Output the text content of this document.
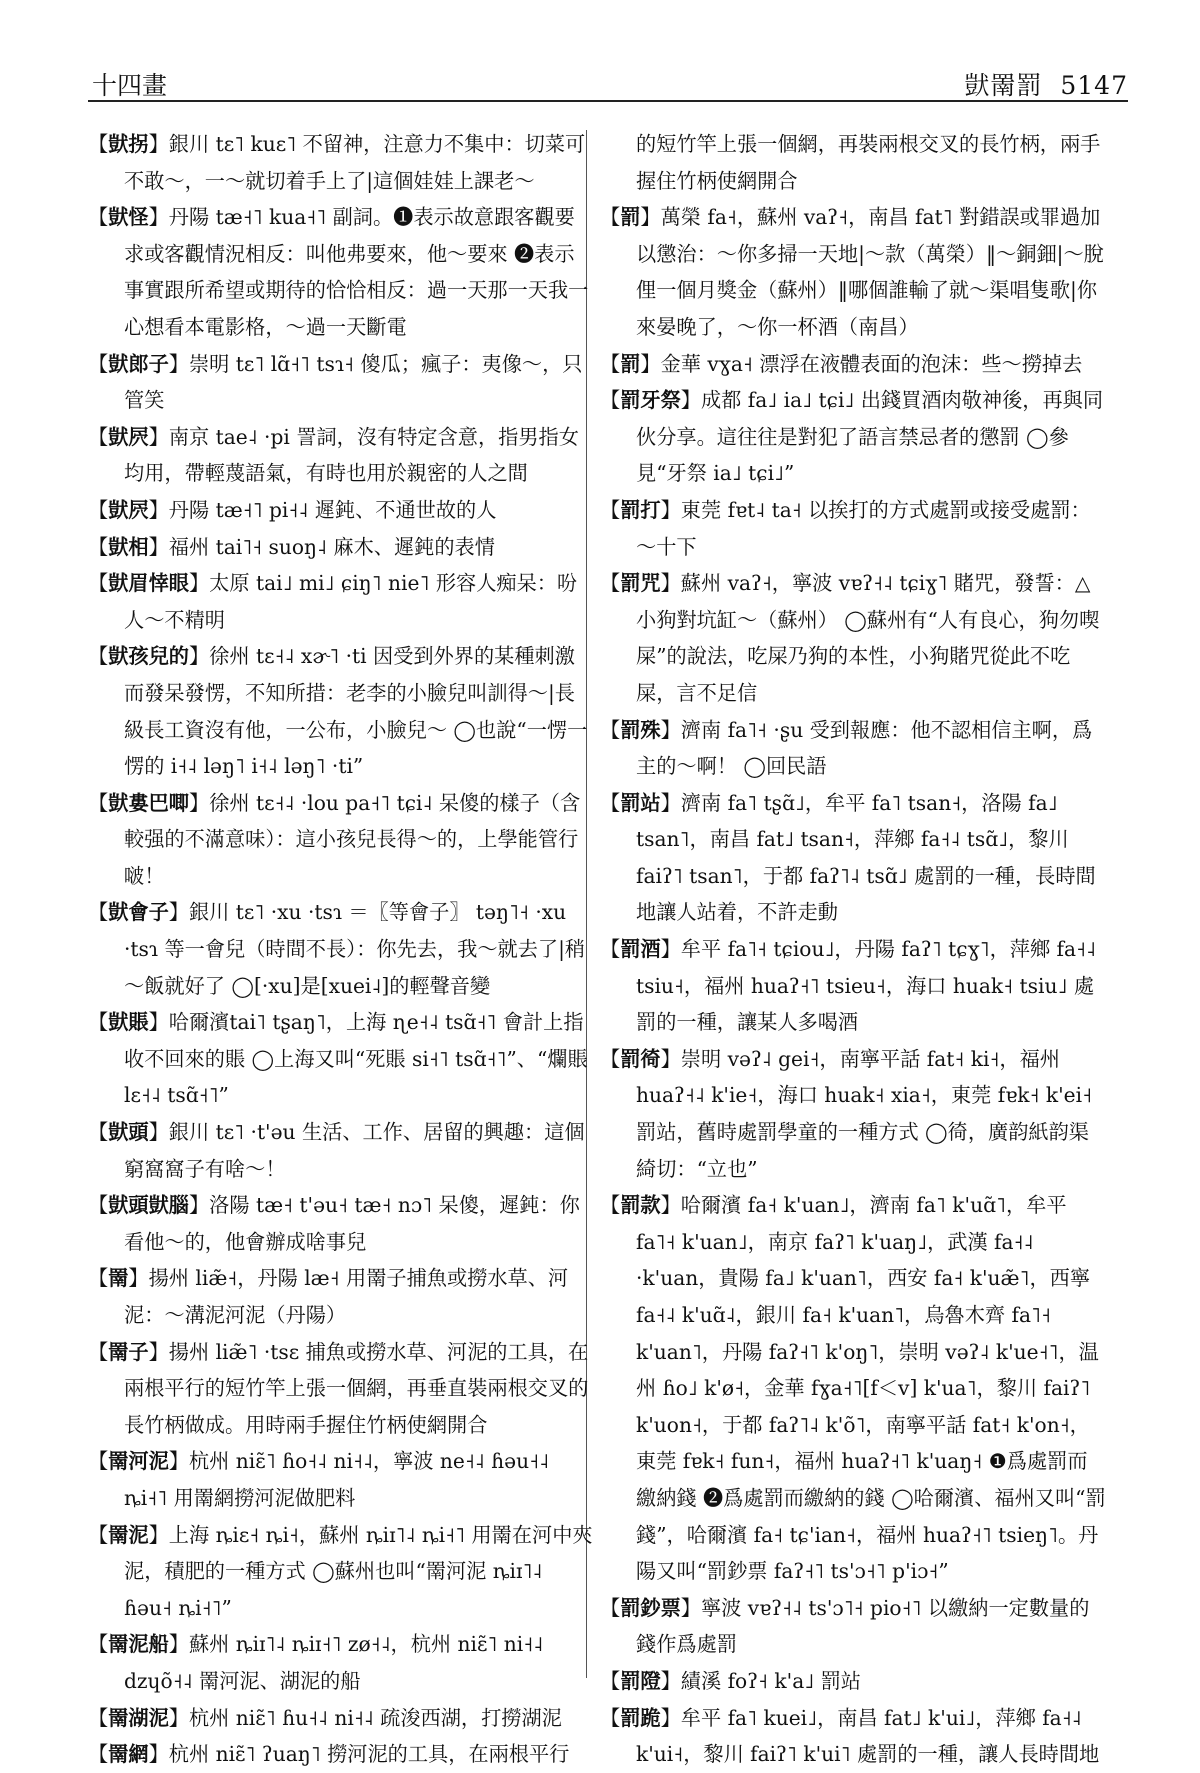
十四畫	獃罱罰 5147

【獃拐】銀川 tɛ˥ kuɛ˥ 不留神，注意力不集中：切菜可不敢～，一～就切着手上了|這個娃娃上課老～

【獃怪】丹陽 tæ˧˥ kua˧˥ 副詞。❶表示故意跟客觀要求或客觀情況相反：叫他弗要來，他～要來 ❷表示事實跟所希望或期待的恰恰相反：過一天那一天我一心想看本電影格，～過一天斷電

【獃郎子】崇明 tɛ˥ lɑ̃˧˥ tsɿ˧ 傻瓜；瘋子：夷像～，只管笑

【獃屄】南京 tae˨ ·pi 詈詞，沒有特定含意，指男指女均用，帶輕蔑語氣，有時也用於親密的人之間

【獃屄】丹陽 tæ˧˥ pi˧˨ 遲鈍、不通世故的人

【獃相】福州 tai˥˧ suoŋ˨ 麻木、遲鈍的表情

【獃眉悻眼】太原 tai˩ mi˩ ɕiŋ˥ nie˥ 形容人痴呆：吩人～不精明

【獃孩兒的】徐州 tɛ˧˨ xɚ˥ ·ti 因受到外界的某種刺激而發呆發愣，不知所措：老李的小臉兒叫訓得～|長級長工資沒有他，一公布，小臉兒～ ◯也說“一愣一愣的 i˧˨ ləŋ˥ i˧˨ ləŋ˥ ·ti”

【獃婁巴唧】徐州 tɛ˧˨ ·lou pa˧˥ tɕi˨ 呆傻的樣子（含較强的不滿意味）：這小孩兒長得～的，上學能管行啵！

【獃會子】銀川 tɛ˥ ·xu ·tsɿ ＝〖等會子〗 təŋ˥˧ ·xu ·tsɿ 等一會兒（時間不長）：你先去，我～就去了|稍～飯就好了 ◯[·xu]是[xuei˨]的輕聲音變

【獃賬】哈爾濱tai˥ tʂaŋ˥，上海 ɳe˧˨ tsɑ̃˧˥ 會計上指收不回來的賬 ◯上海又叫“死賬 si˧˥ tsɑ̃˧˥”、“爛賬 lɛ˧˨ tsɑ̃˧˥”

【獃頭】銀川 tɛ˥ ·t'əu 生活、工作、居留的興趣：這個窮窩窩子有啥～！

【獃頭獃腦】洛陽 tæ˧ t'əu˧ tæ˧ nɔ˥ 呆傻，遲鈍：你看他～的，他會辦成啥事兒

【罱】揚州 liæ̃˧，丹陽 læ˧ 用罱子捕魚或撈水草、河泥：～溝泥河泥（丹陽）

【罱子】揚州 liæ̃˥ ·tsɛ 捕魚或撈水草、河泥的工具，在兩根平行的短竹竿上張一個網，再垂直裝兩根交叉的長竹柄做成。用時兩手握住竹柄使網開合

【罱河泥】杭州 niɛ̃˥ ɦo˧˨ ni˧˨，寧波 ne˧˨ ɦəu˧˨ ȵi˧˥ 用罱網撈河泥做肥料

【罱泥】上海 ȵiɛ˧ ȵi˧，蘇州 ȵiɪ˥˨ ȵi˧˥ 用罱在河中夾泥，積肥的一種方式 ◯蘇州也叫“罱河泥 ȵiɪ˥˨ ɦəu˧ ȵi˧˥”

【罱泥船】蘇州 ȵiɪ˥˨ ȵiɪ˧˥ zø˧˨，杭州 niɛ̃˥ ni˧˨ dzɥõ˧˨ 罱河泥、湖泥的船

【罱湖泥】杭州 niɛ̃˥ ɦu˧˨ ni˧˨ 疏浚西湖，打撈湖泥

【罱網】杭州 niɛ̃˥ ʔuaŋ˥ 撈河泥的工具，在兩根平行

的短竹竿上張一個網，再裝兩根交叉的長竹柄，兩手握住竹柄使網開合

【罰】萬榮 fa˧，蘇州 vaʔ˧，南昌 fat˥ 對錯誤或罪過加以懲治：～你多掃一天地|～款（萬榮）‖～銅鈿|～脫俚一個月獎金（蘇州）‖哪個誰輸了就～渠唱隻歌|你來晏晚了，～你一杯酒（南昌）

【罰】金華 vɣa˧ 漂浮在液體表面的泡沫：些～撈掉去

【罰牙祭】成都 fa˩ ia˩ tɕi˩ 出錢買酒肉敬神後，再與同伙分享。這往往是對犯了語言禁忌者的懲罰 ◯參見“牙祭 ia˩ tɕi˩”

【罰打】東莞 fɐt˨ ta˧ 以挨打的方式處罰或接受處罰：～十下

【罰咒】蘇州 vaʔ˧，寧波 vɐʔ˧˨ tɕiɣ˥ 賭咒，發誓：△小狗對坑缸～（蘇州） ◯蘇州有“人有良心，狗勿喫屎”的說法，吃屎乃狗的本性，小狗賭咒從此不吃屎，言不足信

【罰殊】濟南 fa˥˧ ·ʂu 受到報應：他不認相信主啊，爲主的～啊！ ◯回民語

【罰站】濟南 fa˥ tʂɑ̃˩，牟平 fa˥ tsan˧，洛陽 fa˩ tsan˥，南昌 fat˩ tsan˧，萍鄉 fa˧˨ tsɑ̃˩，黎川 faiʔ˥ tsan˥，于都 faʔ˥˨ tsɑ̃˩ 處罰的一種，長時間地讓人站着，不許走動

【罰酒】牟平 fa˥˧ tɕiou˩，丹陽 faʔ˥ tɕɣ˥，萍鄉 fa˧˨ tsiu˧，福州 huaʔ˧˥ tsieu˧，海口 huak˧ tsiu˩ 處罰的一種，讓某人多喝酒

【罰徛】崇明 vəʔ˨ gei˧，南寧平話 fat˧ ki˧，福州 huaʔ˧˨ k'ie˧，海口 huak˧ xia˧，東莞 fɐk˧ k'ei˧ 罰站，舊時處罰學童的一種方式 ◯徛，廣韵紙韵渠綺切：“立也”

【罰款】哈爾濱 fa˧ k'uan˩，濟南 fa˥ k'uɑ̃˥，牟平 fa˥˧ k'uan˩，南京 faʔ˥ k'uaŋ˩，武漢 fa˧˨ ·k'uan，貴陽 fa˩ k'uan˥，西安 fa˧ k'uæ̃˥，西寧 fa˧˨ k'uɑ̃˨，銀川 fa˧ k'uan˥，烏魯木齊 fa˥˧ k'uan˥，丹陽 faʔ˧˥ k'oŋ˥，崇明 vəʔ˨ k'ue˧˥，温州 ɦo˩ k'ø˧，金華 fɣa˧˥[f＜v] k'ua˥，黎川 faiʔ˥ k'uon˧，于都 faʔ˥˨ k'õ˥，南寧平話 fat˧ k'on˧，東莞 fɐk˧ fun˧，福州 huaʔ˧˥ k'uaŋ˧ ❶爲處罰而繳納錢 ❷爲處罰而繳納的錢 ◯哈爾濱、福州又叫“罰錢”，哈爾濱 fa˧ tɕ'ian˧，福州 huaʔ˧˥ tsieŋ˥。丹陽又叫“罰鈔票 faʔ˧˥ ts'ɔ˧˥ p'iɔ˧”

【罰鈔票】寧波 vɐʔ˧˨ ts'ɔ˥˧ pio˧˥ 以繳納一定數量的錢作爲處罰

【罰隥】績溪 foʔ˧ k'a˩ 罰站

【罰跪】牟平 fa˥ kuei˩，南昌 fat˩ k'ui˩，萍鄉 fa˧˨ k'ui˧，黎川 faiʔ˥ k'ui˥ 處罰的一種，讓人長時間地
